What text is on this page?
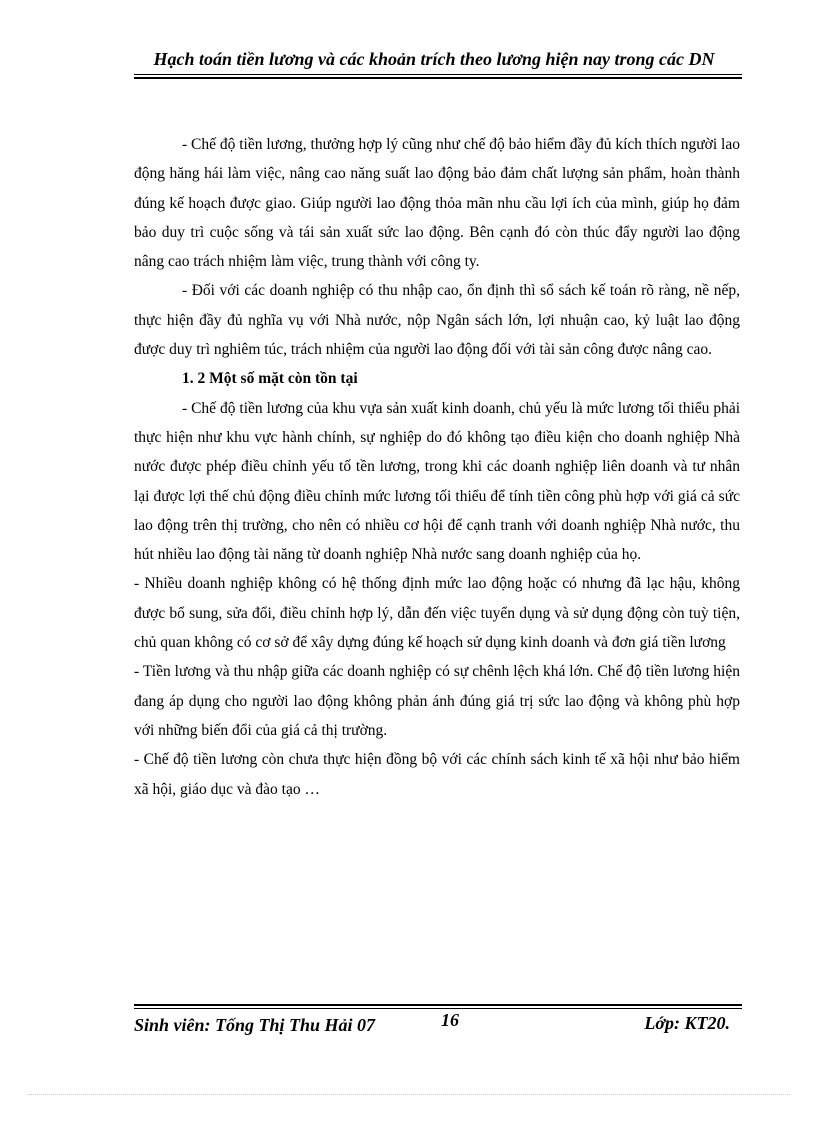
Hạch toán tiền lương và các khoản trích theo lương hiện nay trong các DN

- Chế độ tiền lương, thưởng hợp lý cũng như chế độ bảo hiểm đầy đủ kích thích người lao động hăng hái làm việc, nâng cao năng suất lao động bảo đảm chất lượng sản phẩm, hoàn thành đúng kế hoạch được giao. Giúp người lao động thỏa mãn nhu cầu lợi ích của mình, giúp họ đảm bảo duy trì cuộc sống và tái sản xuất sức lao động. Bên cạnh đó còn thúc đẩy người lao động nâng cao trách nhiệm làm việc, trung thành với công ty.

- Đối với các doanh nghiệp có thu nhập cao, ổn định thì sổ sách kế toán rõ ràng, nề nếp, thực hiện đầy đủ nghĩa vụ với Nhà nước, nộp Ngân sách lớn, lợi nhuận cao, kỷ luật lao động được duy trì nghiêm túc, trách nhiệm của người lao động đối với tài sản công được nâng cao.

1. 2 Một số mặt còn tồn tại

- Chế độ tiền lương của khu vựa sản xuất kinh doanh, chủ yếu là mức lương tối thiểu phải thực hiện như khu vực hành chính, sự nghiệp do đó không tạo điều kiện cho doanh nghiệp Nhà nước được phép điều chỉnh yếu tố tền lương, trong khi các doanh nghiệp liên doanh và tư nhân lại được lợi thế chủ động điều chỉnh mức lương tối thiểu để tính tiền công phù hợp với giá cả sức lao động trên thị trường, cho nên có nhiều cơ hội để cạnh tranh với doanh nghiệp Nhà nước, thu hút nhiều lao động tài năng từ doanh nghiệp Nhà nước sang doanh nghiệp của họ.

- Nhiều doanh nghiệp không có hệ thống định mức lao động hoặc có nhưng đã lạc hậu, không được bổ sung, sửa đổi, điều chỉnh hợp lý, dẫn đến việc tuyển dụng và sử dụng động còn tuỳ tiện, chủ quan không có cơ sở để xây dựng đúng kế hoạch sử dụng kinh doanh và đơn giá tiền lương

- Tiền lương và thu nhập giữa các doanh nghiệp có sự chênh lệch khá lớn. Chế độ tiền lương hiện đang áp dụng cho người lao động không phản ánh đúng giá trị sức lao động và không phù hợp với những biến đổi của giá cả thị trường.

- Chế độ tiền lương còn chưa thực hiện đồng bộ với các chính sách kinh tế xã hội như bảo hiểm xã hội, giáo dục và đào tạo …

Sinh viên: Tống Thị Thu Hải 07	16	Lớp: KT20.
